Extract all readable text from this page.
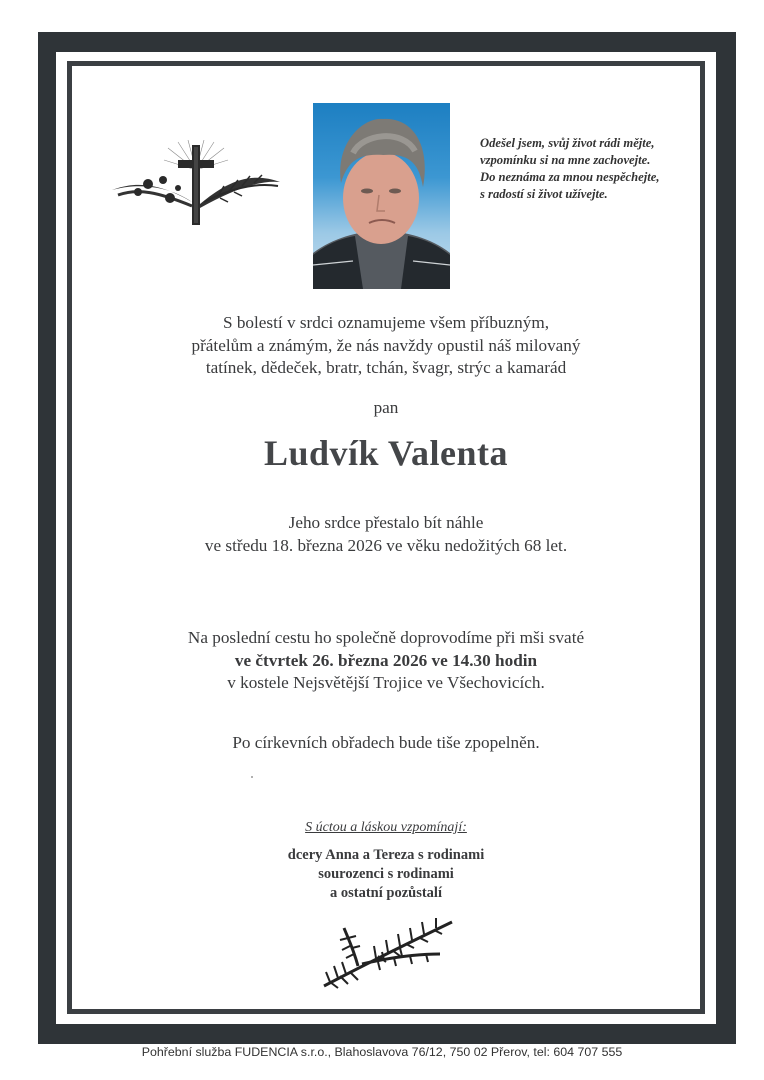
Odešel jsem, svůj život rádi mějte,
vzpomínku si na mne zachovejte.
Do neznáma za mnou nespěchejte,
s radostí si život užívejte.
S bolestí v srdci oznamujeme všem příbuzným,
přátelům a známým, že nás navždy opustil náš milovaný
tatínek, dědeček, bratr, tchán, švagr, strýc a kamarád
pan
Ludvík Valenta
Jeho srdce přestalo bít náhle
ve středu 18. března 2026 ve věku nedožitých 68 let.
Na poslední cestu ho společně doprovodíme při mši svaté
ve čtvrtek 26. března 2026 ve 14.30 hodin
v kostele Nejsvětější Trojice ve Všechovicích.
Po církevních obřadech bude tiše zpopelněn.
S úctou a láskou vzpomínají:
dcery Anna a Tereza s rodinami
sourozenci s rodinami
a ostatní pozůstalí
Pohřební služba FUDENCIA s.r.o., Blahoslavova 76/12, 750 02 Přerov, tel: 604 707 555
